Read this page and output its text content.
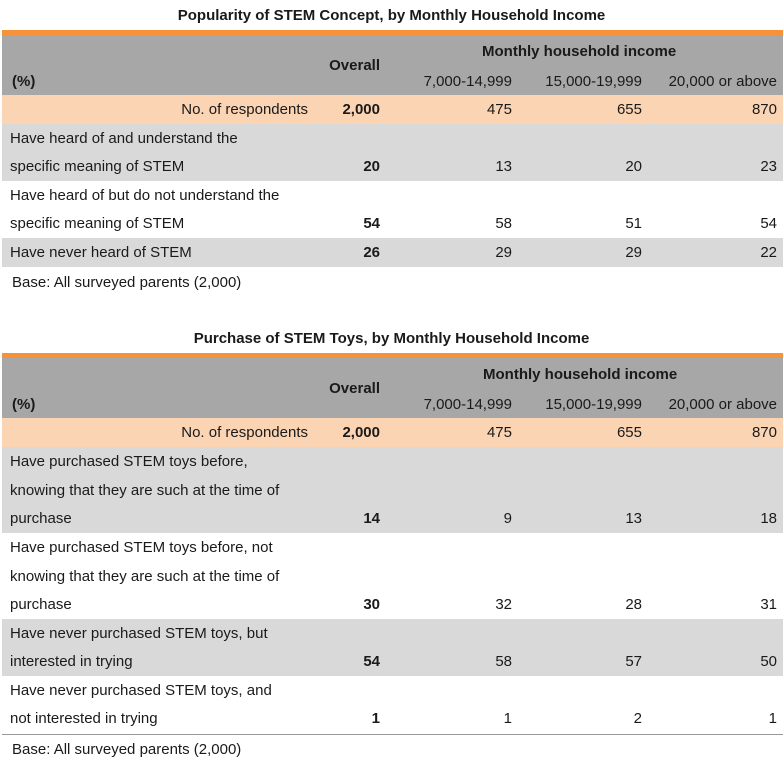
Popularity of STEM Concept, by Monthly Household Income
(%)
Overall
Monthly household income
7,000-14,999 15,000-19,999 20,000 or above
No. of respondents 2,000	475	655	870
Have heard of and understand the
specific meaning of STEM	20	13	20	23
Have heard of but do not understand the
specific meaning of STEM	54	58	51	54
Have never heard of STEM	26	29	29	22
Base: All surveyed parents (2,000)
Purchase of STEM Toys, by Monthly Household Income
(%)
Overall
Monthly household income
7,000-14,999 15,000-19,999 20,000 or above
No. of respondents 2,000	475	655	870
Have purchased STEM toys before,
knowing that they are such at the time of
purchase	14	9	13	18
Have purchased STEM toys before, not
knowing that they are such at the time of
purchase	30	32	28	31
Have never purchased STEM toys, but
interested in trying	54	58	57	50
Have never purchased STEM toys, and
not interested in trying	1	1	2	1
Base: All surveyed parents (2,000)
